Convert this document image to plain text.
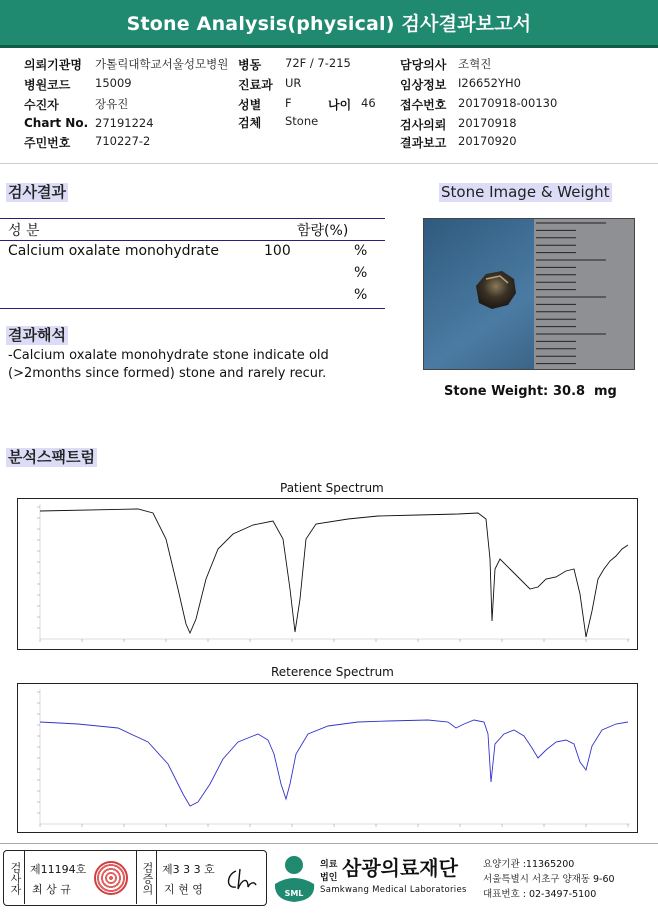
Stone Analysis(physical) 검사결과보고서
의뢰기관명 가톨릭대학교서울성모병원 병동 72F / 7-215	담당의사 조혁진
병원코드 15009	진료과 UR	임상정보 I26652YH0
수진자	장유진	성별 F	나이 46 접수번호 20170918-00130
Chart No. 27191224	검체 Stone	검사의뢰 20170918
주민번호 710227-2	결과보고 20170920
검사결과
성 분	함량(%)
Calcium oxalate monohydrate	100	%
%
%
결과해석
-Calcium oxalate monohydrate stone indicate old
(>2months since formed) stone and rarely recur.
Stone Image & Weight
Stone Weight: 30.8 mg
분석스팩트럼
Patient Spectrum
Reterence Spectrum
검사자 제11194호
최 상 규	검증의 제3 3 3 호
지 현 영	SML
의료
법인 삼광의료재단
Samkwang Medical Laboratories
요양기관 :11365200
서울특별시 서초구 양재동 9-60
대표번호 : 02-3497-5100
